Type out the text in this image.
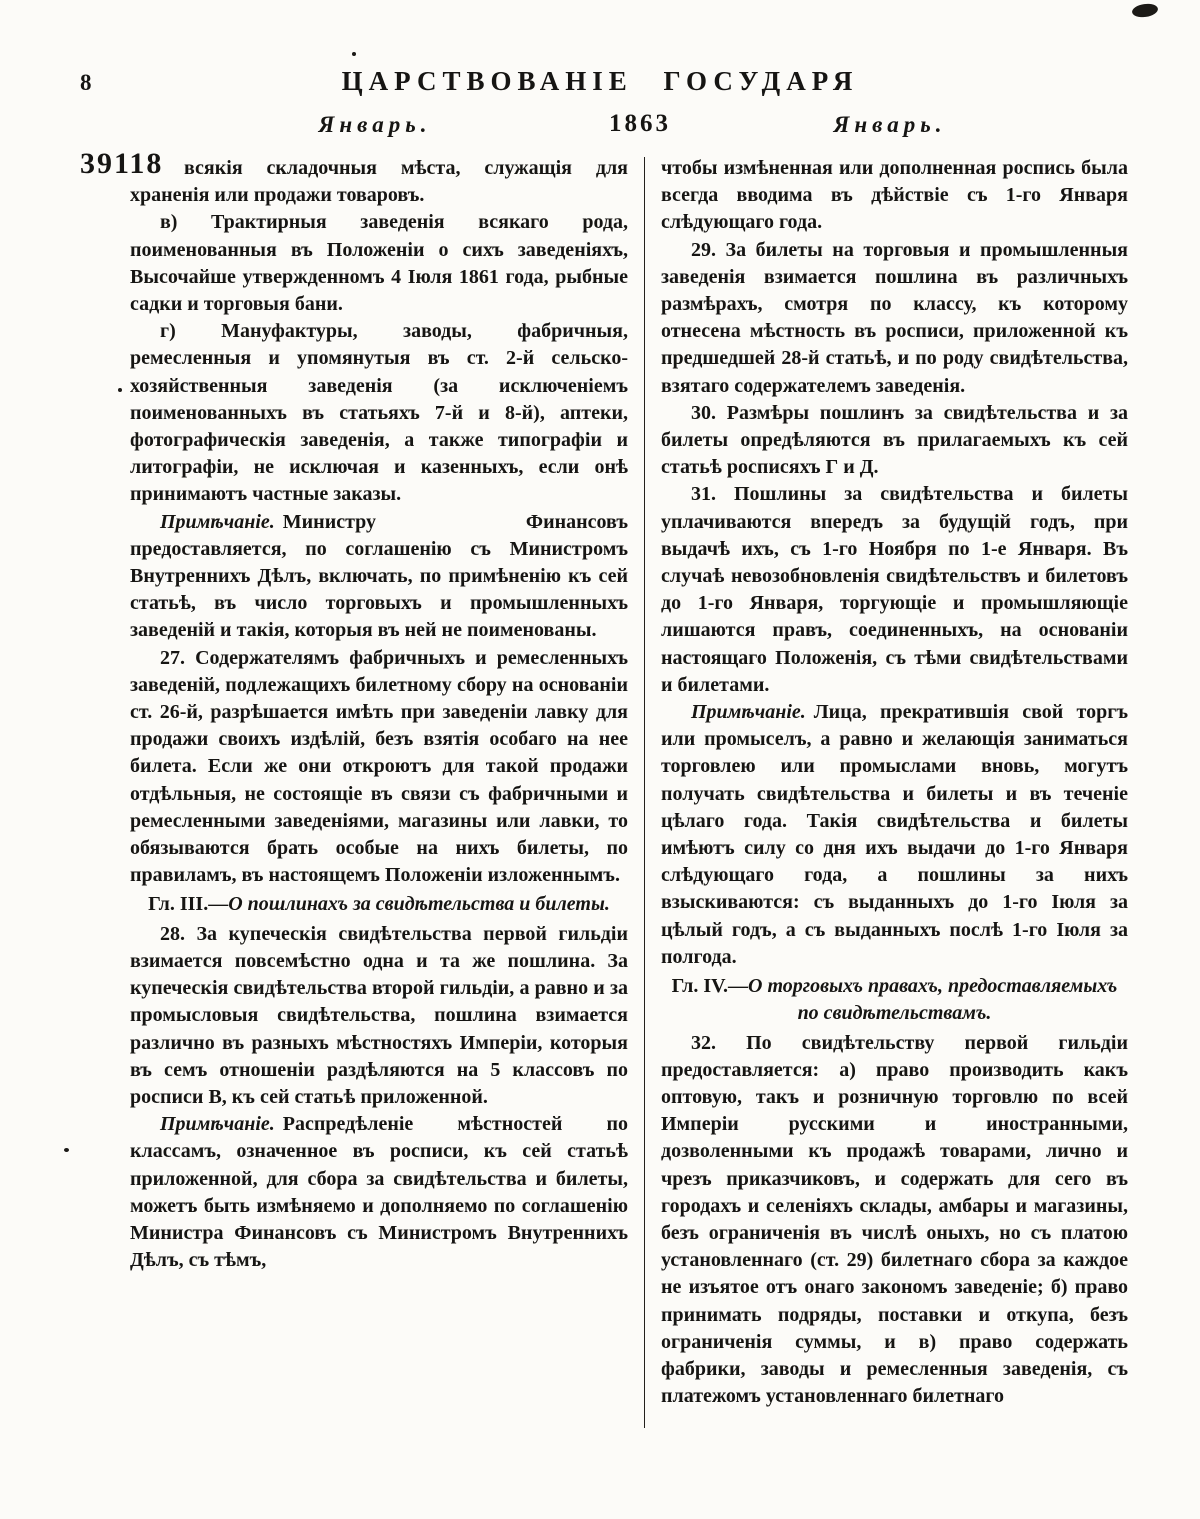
8	ЦАРСТВОВАНІЕ ГОСУДАРЯ
Январь.	1863	Январь.
39118	всякія складочныя мѣста, служащія для храненія или продажи товаровъ.

в) Трактирныя заведенія всякаго рода, поименованныя въ Положеніи о сихъ заведеніяхъ, Высочайше утвержденномъ 4 Іюля 1861 года, рыбные садки и торговыя бани.

г) Мануфактуры, заводы, фабричныя, ремесленныя и упомянутыя въ ст. 2-й сельско-хозяйственныя заведенія (за исключеніемъ поименованныхъ въ статьяхъ 7-й и 8-й), аптеки, фотографическія заведенія, а также типографіи и литографіи, не исключая и казенныхъ, если онѣ принимаютъ частные заказы.

Примѣчаніе. Министру Финансовъ предоставляется, по соглашенію съ Министромъ Внутреннихъ Дѣлъ, включать, по примѣненію къ сей статьѣ, въ число торговыхъ и промышленныхъ заведеній и такія, которыя въ ней не поименованы.

27. Содержателямъ фабричныхъ и ремесленныхъ заведеній, подлежащихъ билетному сбору на основаніи ст. 26-й, разрѣшается имѣть при заведеніи лавку для продажи своихъ издѣлій, безъ взятія особаго на нее билета. Если же они откроютъ для такой продажи отдѣльныя, не состоящіе въ связи съ фабричными и ремесленными заведеніями, магазины или лавки, то обязываются брать особые на нихъ билеты, по правиламъ, въ настоящемъ Положеніи изложеннымъ.

Гл. III.—О пошлинахъ за свидѣтельства и билеты.

28. За купеческія свидѣтельства первой гильдіи взимается повсемѣстно одна и та же пошлина. За купеческія свидѣтельства второй гильдіи, а равно и за промысловыя свидѣтельства, пошлина взимается различно въ разныхъ мѣстностяхъ Имперіи, которыя въ семъ отношеніи раздѣляются на 5 классовъ по росписи В, къ сей статьѣ приложенной.

Примѣчаніе. Распредѣленіе мѣстностей по классамъ, означенное въ росписи, къ сей статьѣ приложенной, для сбора за свидѣтельства и билеты, можетъ быть измѣняемо и дополняемо по соглашенію Министра Финансовъ съ Министромъ Внутреннихъ Дѣлъ, съ тѣмъ,

чтобы измѣненная или дополненная роспись была всегда вводима въ дѣйствіе съ 1-го Января слѣдующаго года.

29. За билеты на торговыя и промышленныя заведенія взимается пошлина въ различныхъ размѣрахъ, смотря по классу, къ которому отнесена мѣстность въ росписи, приложенной къ предшедшей 28-й статьѣ, и по роду свидѣтельства, взятаго содержателемъ заведенія.

30. Размѣры пошлинъ за свидѣтельства и за билеты опредѣляются въ прилагаемыхъ къ сей статьѣ росписяхъ Г и Д.

31. Пошлины за свидѣтельства и билеты уплачиваются впередъ за будущій годъ, при выдачѣ ихъ, съ 1-го Ноября по 1-е Января. Въ случаѣ невозобновленія свидѣтельствъ и билетовъ до 1-го Января, торгующіе и промышляющіе лишаются правъ, соединенныхъ, на основаніи настоящаго Положенія, съ тѣми свидѣтельствами и билетами.

Примѣчаніе. Лица, прекратившія свой торгъ или промыселъ, а равно и желающія заниматься торговлею или промыслами вновь, могутъ получать свидѣтельства и билеты и въ теченіе цѣлаго года. Такія свидѣтельства и билеты имѣютъ силу со дня ихъ выдачи до 1-го Января слѣдующаго года, а пошлины за нихъ взыскиваются: съ выданныхъ до 1-го Іюля за цѣлый годъ, а съ выданныхъ послѣ 1-го Іюля за полгода.

Гл. IV.—О торговыхъ правахъ, предоставляемыхъ по свидѣтельствамъ.

32. По свидѣтельству первой гильдіи предоставляется: а) право производить какъ оптовую, такъ и розничную торговлю по всей Имперіи русскими и иностранными, дозволенными къ продажѣ товарами, лично и чрезъ приказчиковъ, и содержать для сего въ городахъ и селеніяхъ склады, амбары и магазины, безъ ограниченія въ числѣ оныхъ, но съ платою установленнаго (ст. 29) билетнаго сбора за каждое не изъятое отъ онаго закономъ заведеніе; б) право принимать подряды, поставки и откупа, безъ ограниченія суммы, и в) право содержать фабрики, заводы и ремесленныя заведенія, съ платежомъ установленнаго билетнаго
